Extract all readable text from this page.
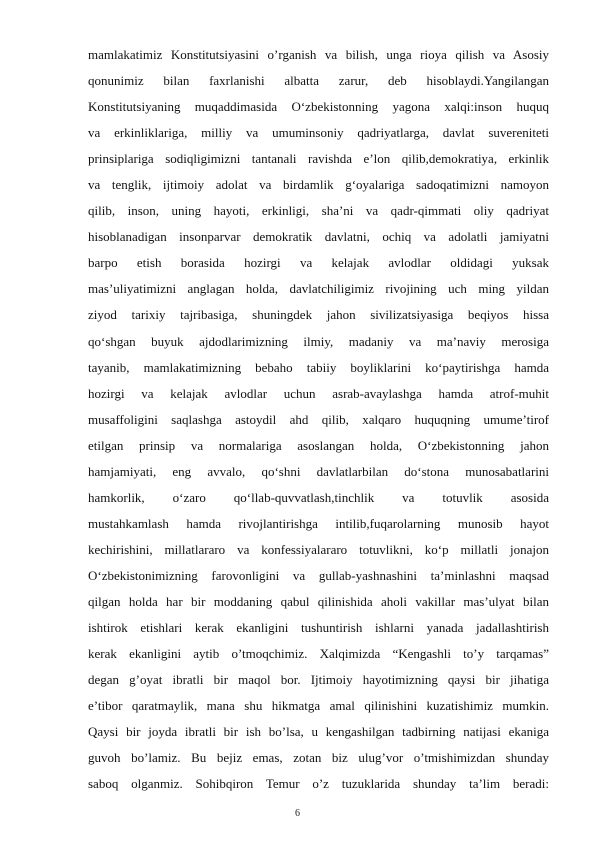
mamlakatimiz Konstitutsiyasini o’rganish va bilish, unga rioya qilish va Asosiy
qonunimiz bilan faxrlanishi albatta zarur, deb hisoblaydi.Yangilangan
Konstitutsiyaning muqaddimasida O‘zbekistonning yagona xalqi:inson huquq
va erkinliklariga, milliy va umuminsoniy qadriyatlarga, davlat suvereniteti
prinsiplariga sodiqligimizni tantanali ravishda e’lon qilib,demokratiya, erkinlik
va tenglik, ijtimoiy adolat va birdamlik g‘oyalariga sadoqatimizni namoyon
qilib, inson, uning hayoti, erkinligi, sha’ni va qadr-qimmati oliy qadriyat
hisoblanadigan insonparvar demokratik davlatni, ochiq va adolatli jamiyatni
barpo etish borasida hozirgi va kelajak avlodlar oldidagi yuksak
mas’uliyatimizni anglagan holda, davlatchiligimiz rivojining uch ming yildan
ziyod tarixiy tajribasiga, shuningdek jahon sivilizatsiyasiga beqiyos hissa
qo‘shgan buyuk ajdodlarimizning ilmiy, madaniy va ma’naviy merosiga
tayanib, mamlakatimizning bebaho tabiiy boyliklarini ko‘paytirishga hamda
hozirgi va kelajak avlodlar uchun asrab-avaylashga hamda atrof-muhit
musaffoligini saqlashga astoydil ahd qilib, xalqaro huquqning umume’tirof
etilgan prinsip va normalariga asoslangan holda, O‘zbekistonning jahon
hamjamiyati, eng avvalo, qo‘shni davlatlarbilan do‘stona munosabatlarini
hamkorlik, o‘zaro qo‘llab-quvvatlash,tinchlik va totuvlik asosida
mustahkamlash hamda rivojlantirishga intilib,fuqarolarning munosib hayot
kechirishini, millatlararo va konfessiyalararo totuvlikni, ko‘p millatli jonajon
O‘zbekistonimizning farovonligini va gullab-yashnashini ta’minlashni maqsad
qilgan holda har bir moddaning qabul qilinishida aholi vakillar mas’ulyat bilan
ishtirok etishlari kerak ekanligini tushuntirish ishlarni yanada jadallashtirish
kerak ekanligini aytib o’tmoqchimiz. Xalqimizda “Kengashli to’y tarqamas”
degan g’oyat ibratli bir maqol bor. Ijtimoiy hayotimizning qaysi bir jihatiga
e’tibor qaratmaylik, mana shu hikmatga amal qilinishini kuzatishimiz mumkin.
Qaysi bir joyda ibratli bir ish bo’lsa, u kengashilgan tadbirning natijasi ekaniga
guvoh bo’lamiz. Bu bejiz emas, zotan biz ulug’vor o’tmishimizdan shunday
saboq olganmiz. Sohibqiron Temur o’z tuzuklarida shunday ta’lim beradi:
6
